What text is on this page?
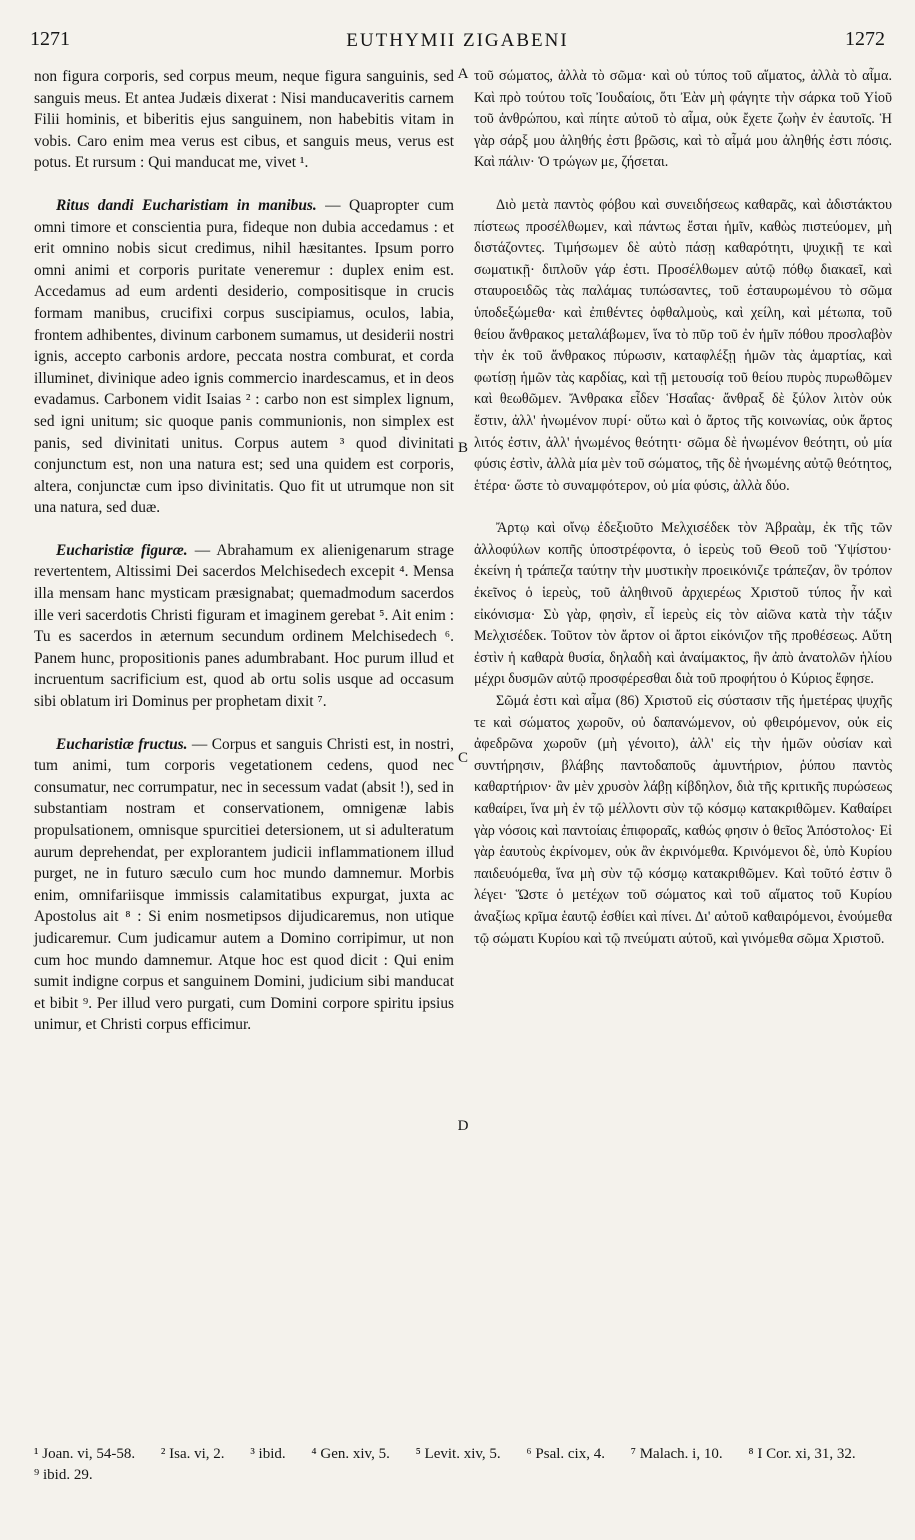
1271	EUTHYMII ZIGABENI	1272
A
B
C
D

non figura corporis, sed corpus meum, neque figura sanguinis, sed sanguis meus. Et antea Judæis dixerat : Nisi manducaveritis carnem Filii hominis, et biberitis ejus sanguinem, non habebitis vitam in vobis. Caro enim mea verus est cibus, et sanguis meus, verus est potus. Et rursum : Qui manducat me, vivet ¹.

Ritus dandi Eucharistiam in manibus. — Quapropter cum omni timore et conscientia pura, fideque non dubia accedamus : et erit omnino nobis sicut credimus, nihil hæsitantes. Ipsum porro omni animi et corporis puritate veneremur : duplex enim est. Accedamus ad eum ardenti desiderio, compositisque in crucis formam manibus, crucifixi corpus suscipiamus, oculos, labia, frontem adhibentes, divinum carbonem sumamus, ut desiderii nostri ignis, accepto carbonis ardore, peccata nostra comburat, et corda illuminet, divinique adeo ignis commercio inardescamus, et in deos evadamus. Carbonem vidit Isaias ² : carbo non est simplex lignum, sed igni unitum; sic quoque panis communionis, non simplex est panis, sed divinitati unitus. Corpus autem ³ quod divinitati conjunctum est, non una natura est; sed una quidem est corporis, altera, conjunctæ cum ipso divinitatis. Quo fit ut utrumque non sit una natura, sed duæ.

Eucharistiæ figuræ. — Abrahamum ex alienigenarum strage revertentem, Altissimi Dei sacerdos Melchisedech excepit ⁴. Mensa illa mensam hanc mysticam præsignabat; quemadmodum sacerdos ille veri sacerdotis Christi figuram et imaginem gerebat ⁵. Ait enim : Tu es sacerdos in æternum secundum ordinem Melchisedech ⁶. Panem hunc, propositionis panes adumbrabant. Hoc purum illud et incruentum sacrificium est, quod ab ortu solis usque ad occasum sibi oblatum iri Dominus per prophetam dixit ⁷.

Eucharistiæ fructus. — Corpus et sanguis Christi est, in nostri, tum animi, tum corporis vegetationem cedens, quod nec consumatur, nec corrumpatur, nec in secessum vadat (absit !), sed in substantiam nostram et conservationem, omnigenæ labis propulsationem, omnisque spurcitiei detersionem, ut si adulteratum aurum deprehendat, per explorantem judicii inflammationem illud purget, ne in futuro sæculo cum hoc mundo damnemur. Morbis enim, omnifariisque immissis calamitatibus expurgat, juxta ac Apostolus ait ⁸ : Si enim nosmetipsos dijudicaremus, non utique judicaremur. Cum judicamur autem a Domino corripimur, ut non cum hoc mundo damnemur. Atque hoc est quod dicit : Qui enim sumit indigne corpus et sanguinem Domini, judicium sibi manducat et bibit ⁹. Per illud vero purgati, cum Domini corpore spiritu ipsius unimur, et Christi corpus efficimur.

τοῦ σώματος, ἀλλὰ τὸ σῶμα· καὶ οὐ τύπος τοῦ αἵματος, ἀλλὰ τὸ αἷμα. Καὶ πρὸ τούτου τοῖς Ἰουδαίοις, ὅτι Ἐὰν μὴ φάγητε τὴν σάρκα τοῦ Υἱοῦ τοῦ ἀνθρώπου, καὶ πίητε αὐτοῦ τὸ αἷμα, οὐκ ἔχετε ζωὴν ἐν ἑαυτοῖς. Ἡ γὰρ σάρξ μου ἀληθής ἐστι βρῶσις, καὶ τὸ αἷμά μου ἀληθής ἐστι πόσις. Καὶ πάλιν· Ὁ τρώγων με, ζήσεται.

Διὸ μετὰ παντὸς φόβου καὶ συνειδήσεως καθαρᾶς, καὶ ἀδιστάκτου πίστεως προσέλθωμεν, καὶ πάντως ἔσται ἡμῖν, καθὼς πιστεύομεν, μὴ διστάζοντες. Τιμήσωμεν δὲ αὐτὸ πάσῃ καθαρότητι, ψυχικῇ τε καὶ σωματικῇ· διπλοῦν γάρ ἐστι. Προσέλθωμεν αὐτῷ πόθῳ διακαεῖ, καὶ σταυροειδῶς τὰς παλάμας τυπώσαντες, τοῦ ἐσταυρωμένου τὸ σῶμα ὑποδεξώμεθα· καὶ ἐπιθέντες ὀφθαλμοὺς, καὶ χείλη, καὶ μέτωπα, τοῦ θείου ἄνθρακος μεταλάβωμεν, ἵνα τὸ πῦρ τοῦ ἐν ἡμῖν πόθου προσλαβὸν τὴν ἐκ τοῦ ἄνθρακος πύρωσιν, καταφλέξῃ ἡμῶν τὰς ἁμαρτίας, καὶ φωτίσῃ ἡμῶν τὰς καρδίας, καὶ τῇ μετουσίᾳ τοῦ θείου πυρὸς πυρωθῶμεν καὶ θεωθῶμεν. Ἄνθρακα εἶδεν Ἡσαΐας· ἄνθραξ δὲ ξύλον λιτὸν οὐκ ἔστιν, ἀλλ' ἡνωμένον πυρί· οὕτω καὶ ὁ ἄρτος τῆς κοινωνίας, οὐκ ἄρτος λιτός ἐστιν, ἀλλ' ἡνωμένος θεότητι· σῶμα δὲ ἡνωμένον θεότητι, οὐ μία φύσις ἐστὶν, ἀλλὰ μία μὲν τοῦ σώματος, τῆς δὲ ἡνωμένης αὐτῷ θεότητος, ἑτέρα· ὥστε τὸ συναμφότερον, οὐ μία φύσις, ἀλλὰ δύο.

Ἄρτῳ καὶ οἴνῳ ἐδεξιοῦτο Μελχισέδεκ τὸν Ἀβραὰμ, ἐκ τῆς τῶν ἀλλοφύλων κοπῆς ὑποστρέφοντα, ὁ ἱερεὺς τοῦ Θεοῦ τοῦ Ὑψίστου· ἐκείνη ἡ τράπεζα ταύτην τὴν μυστικὴν προεικόνιζε τράπεζαν, ὃν τρόπον ἐκεῖνος ὁ ἱερεὺς, τοῦ ἀληθινοῦ ἀρχιερέως Χριστοῦ τύπος ἦν καὶ εἰκόνισμα· Σὺ γὰρ, φησὶν, εἶ ἱερεὺς εἰς τὸν αἰῶνα κατὰ τὴν τάξιν Μελχισέδεκ. Τοῦτον τὸν ἄρτον οἱ ἄρτοι εἰκόνιζον τῆς προθέσεως. Αὕτη ἐστὶν ἡ καθαρὰ θυσία, δηλαδὴ καὶ ἀναίμακτος, ἣν ἀπὸ ἀνατολῶν ἡλίου μέχρι δυσμῶν αὐτῷ προσφέρεσθαι διὰ τοῦ προφήτου ὁ Κύριος ἔφησε.

Σῶμά ἐστι καὶ αἷμα (86) Χριστοῦ εἰς σύστασιν τῆς ἡμετέρας ψυχῆς τε καὶ σώματος χωροῦν, οὐ δαπανώμενον, οὐ φθειρόμενον, οὐκ εἰς ἀφεδρῶνα χωροῦν (μὴ γένοιτο), ἀλλ' εἰς τὴν ἡμῶν οὐσίαν καὶ συντήρησιν, βλάβης παντοδαποῦς ἀμυντήριον, ῥύπου παντὸς καθαρτήριον· ἂν μὲν χρυσὸν λάβῃ κίβδηλον, διὰ τῆς κριτικῆς πυρώσεως καθαίρει, ἵνα μὴ ἐν τῷ μέλλοντι σὺν τῷ κόσμῳ κατακριθῶμεν. Καθαίρει γὰρ νόσοις καὶ παντοίαις ἐπιφοραῖς, καθώς φησιν ὁ θεῖος Ἀπόστολος· Εἰ γὰρ ἑαυτοὺς ἐκρίνομεν, οὐκ ἂν ἐκρινόμεθα. Κρινόμενοι δὲ, ὑπὸ Κυρίου παιδευόμεθα, ἵνα μὴ σὺν τῷ κόσμῳ κατακριθῶμεν. Καὶ τοῦτό ἐστιν ὃ λέγει· Ὥστε ὁ μετέχων τοῦ σώματος καὶ τοῦ αἵματος τοῦ Κυρίου ἀναξίως κρῖμα ἑαυτῷ ἐσθίει καὶ πίνει. Δι' αὐτοῦ καθαιρόμενοι, ἑνούμεθα τῷ σώματι Κυρίου καὶ τῷ πνεύματι αὐτοῦ, καὶ γινόμεθα σῶμα Χριστοῦ.

¹ Joan. vi, 54-58. ² Isa. vi, 2. ³ ibid. ⁴ Gen. xiv, 5. ⁵ Levit. xiv, 5. ⁶ Psal. cix, 4. ⁷ Malach. i, 10. ⁸ I Cor. xi, 31, 32. ⁹ ibid. 29.
